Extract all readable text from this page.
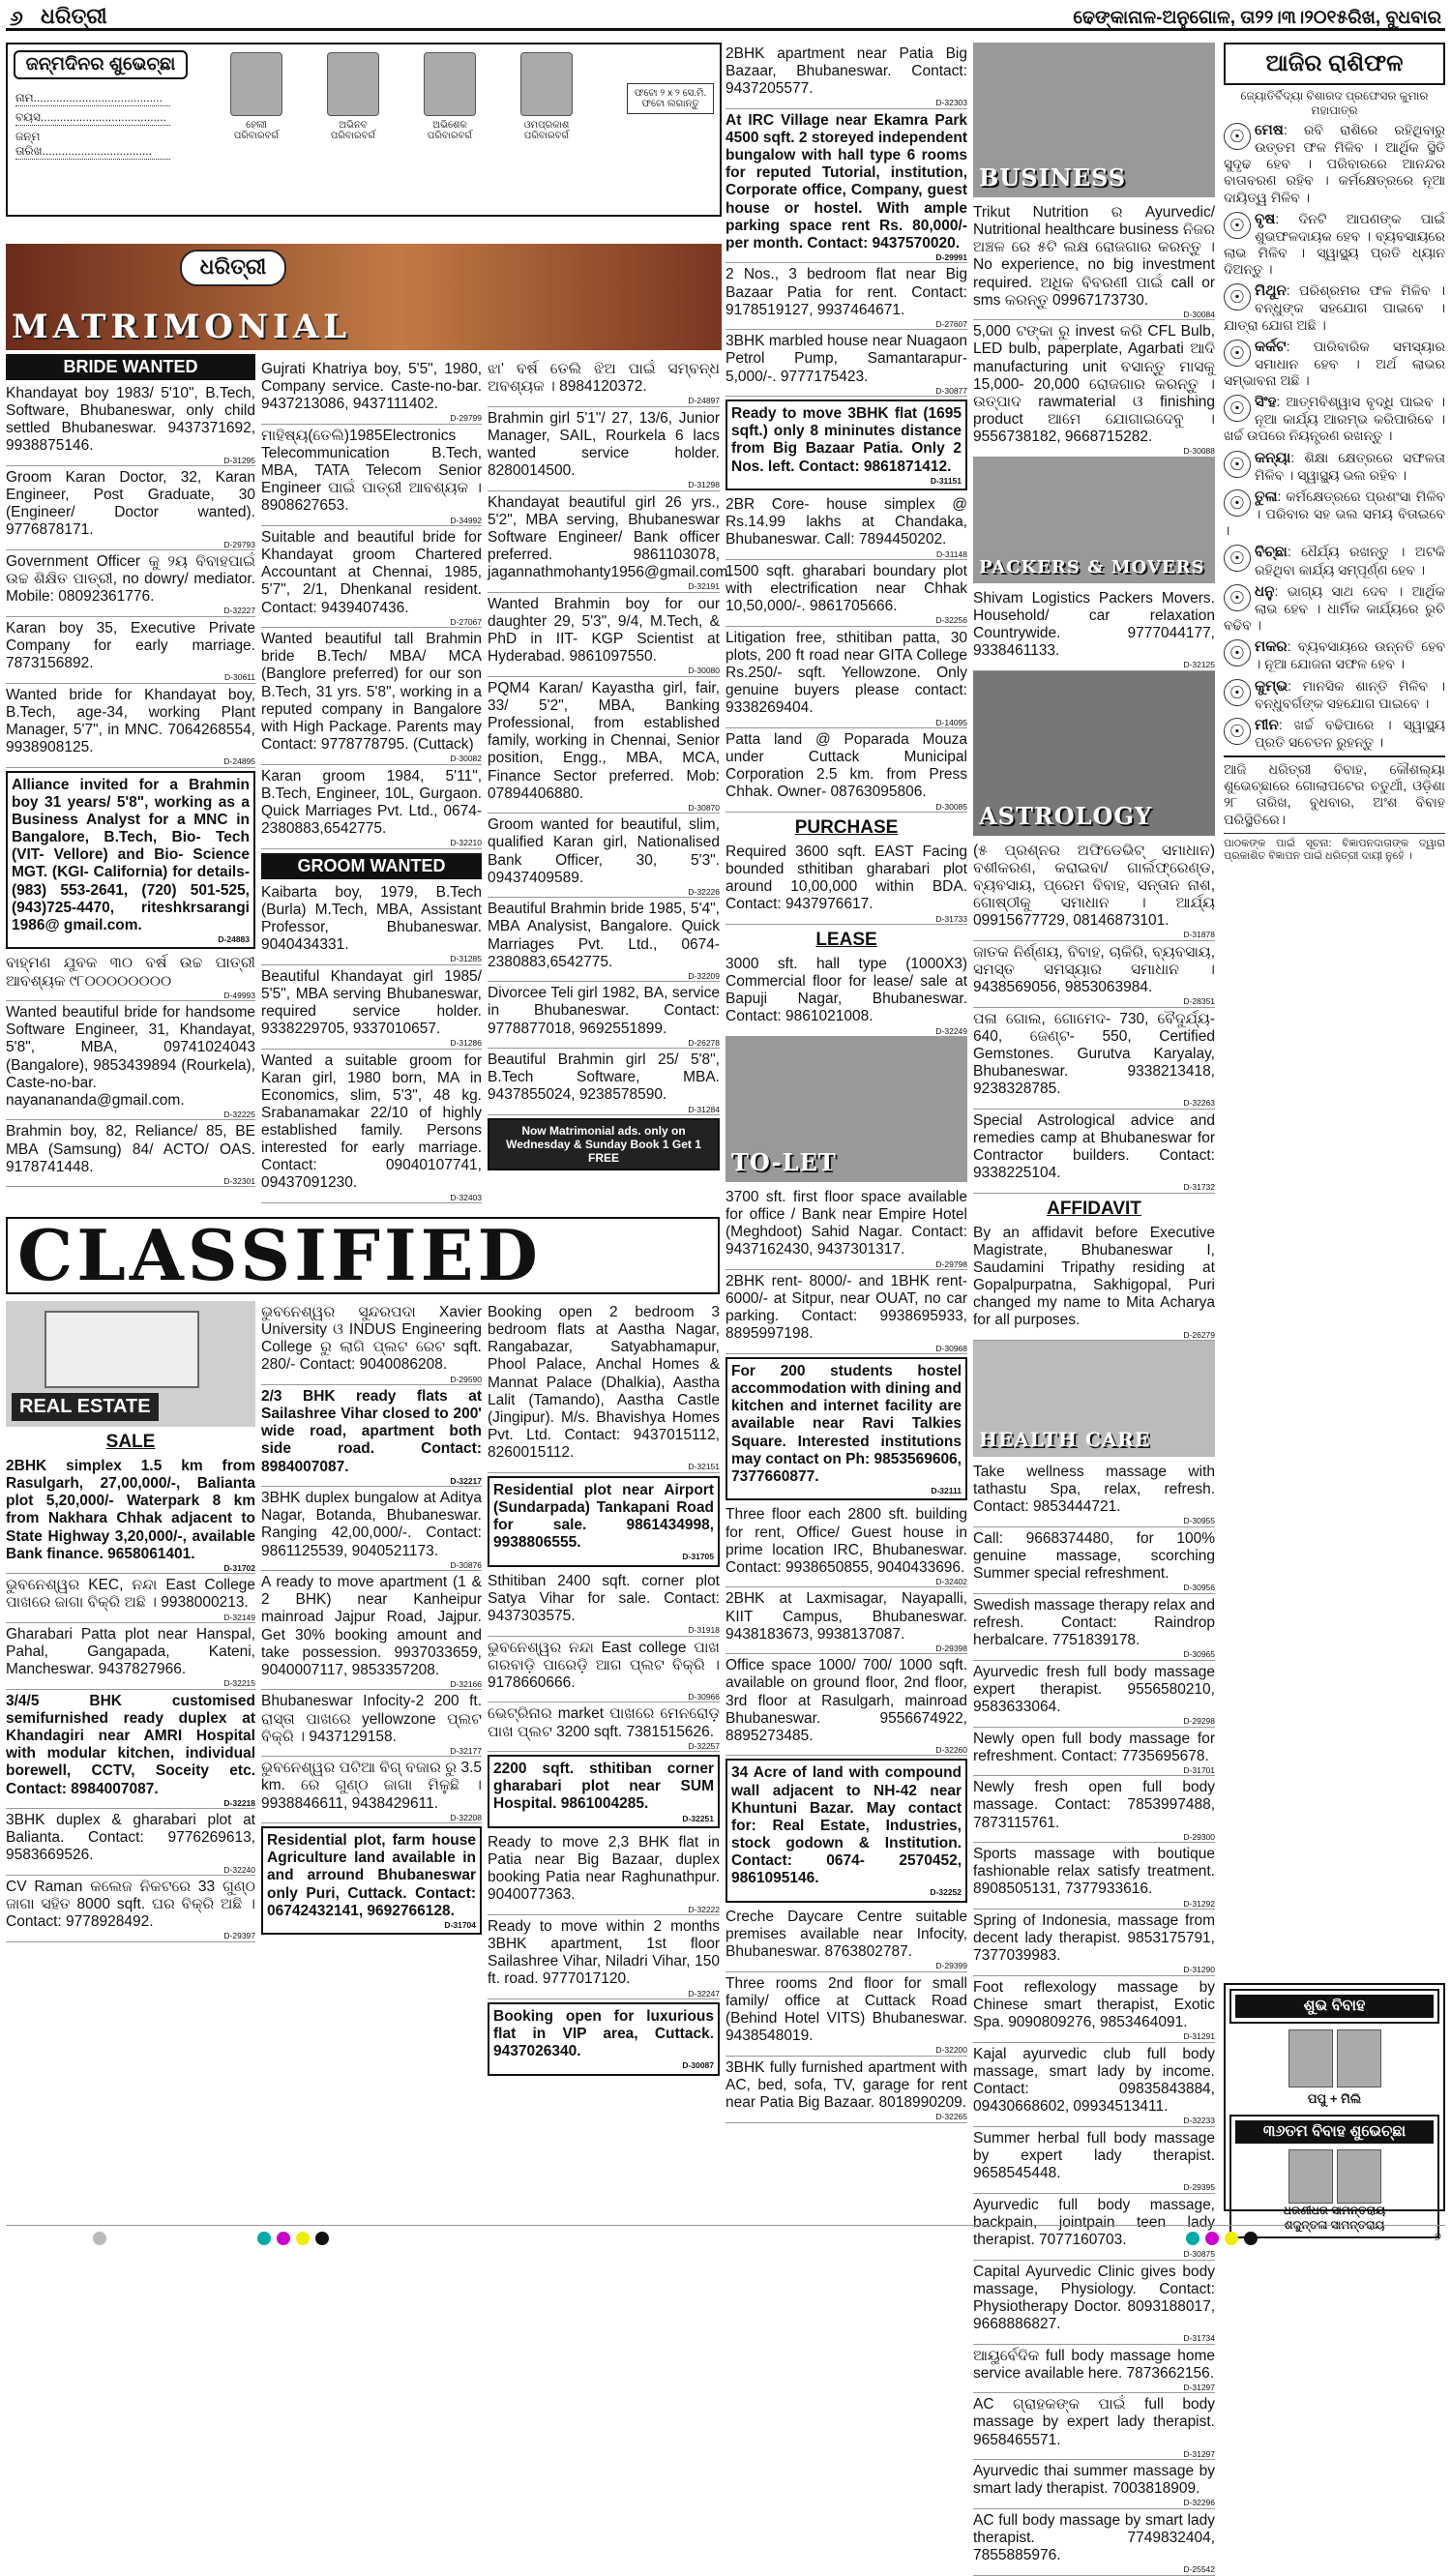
୬ ଧରିତ୍ରୀ	ଢେଙ୍କାନାଳ-ଅନୁଗୋଳ, ତା୨୨।୩।୨୦୧୫ରିଖ, ବୁଧବାର
ଜନ୍ମଦିନର ଶୁଭେଚ୍ଛା
ନାମ........................................
ବୟସ.......................................
ଜନ୍ମ ତାରିଖ..................................
ହେଲୀ ପରିବାରବର୍ଗ
ଅଭିନବ ପରିବାରବର୍ଗ
ଅଭିଶେକ ପରିବାରବର୍ଗ
ଓମପ୍ରକାଶ ପରିବାରବର୍ଗ
ଫଟୋ ୨ x ୨ ସେ.ମି. ଫଟୋ ଲଗାନ୍ତୁ
ଧରିତ୍ରୀ
MATRIMONIAL
BRIDE WANTED
Khandayat boy 1983/ 5'10", B.Tech, Software, Bhubaneswar, only child settled Bhubaneswar. 9437371692, 9938875146.
D-31295
Groom Karan Doctor, 32, Karan Engineer, Post Graduate, 30 (Engineer/ Doctor wanted). 9776878171.
D-29793
Government Officer କୁ ୨ୟ ବିବାହପାଇଁ ଉଚ୍ଚ ଶିକ୍ଷିତ ପାତ୍ରୀ, no dowry/ mediator. Mobile: 08092361776.
D-32227
Karan boy 35, Executive Private Company for early marriage. 7873156892.
D-30611
Wanted bride for Khandayat boy, B.Tech, age-34, working Plant Manager, 5'7", in MNC. 7064268554, 9938908125.
D-24895
Alliance invited for a Brahmin boy 31 years/ 5'8", working as a Business Analyst for a MNC in Bangalore, B.Tech, Bio- Tech (VIT- Vellore) and Bio- Science MGT. (KGI- California) for details- (983) 553-2641, (720) 501-525, (943)725-4470, riteshkrsarangi 1986@ gmail.com.
D-24883
ବାହ୍ମଣ ଯୁବକ ୩୦ ବର୍ଷ ଉଚ୍ଚ ପାତ୍ରୀ ଆବଶ୍ୟକ ୯୮୦୦୦୦୦୦୦୦
D-49993
Wanted beautiful bride for handsome Software Engineer, 31, Khandayat, 5'8", MBA, 09741024043 (Bangalore), 9853439894 (Rourkela), Caste-no-bar. nayanananda@gmail.com.
D-32225
Brahmin boy, 82, Reliance/ 85, BE MBA (Samsung) 84/ ACTO/ OAS. 9178741448.
D-32301
Gujrati Khatriya boy, 5'5", 1980, Company service. Caste-no-bar. 9437213086, 9437111402.
D-29799
ମାହିଷ୍ୟ(ତେଲି)1985Electronics Telecommunication B.Tech, MBA, TATA Telecom Senior Engineer ପାଇଁ ପାତ୍ରୀ ଆବଶ୍ୟକ । 8908627653.
D-34992
Suitable and beautiful bride for Khandayat groom Chartered Accountant at Chennai, 1985, 5'7", 2/1, Dhenkanal resident. Contact: 9439407436.
D-27067
Wanted beautiful tall Brahmin bride B.Tech/ MBA/ MCA (Banglore preferred) for our son B.Tech, 31 yrs. 5'8", working in a reputed company in Bangalore with High Package. Parents may Contact: 9778778795. (Cuttack)
D-30082
Karan groom 1984, 5'11", B.Tech, Engineer, 10L, Gurgaon. Quick Marriages Pvt. Ltd., 0674-2380883,6542775.
D-32210
GROOM WANTED
Kaibarta boy, 1979, B.Tech (Burla) M.Tech, MBA, Assistant Professor, Bhubaneswar. 9040434331.
D-31285
Beautiful Khandayat girl 1985/ 5'5", MBA serving Bhubaneswar, required service holder. 9338229705, 9337010657.
D-31286
Wanted a suitable groom for Karan girl, 1980 born, MA in Economics, slim, 5'3", 48 kg. Srabanamakar 22/10 of highly established family. Persons interested for early marriage. Contact: 09040107741, 09437091230.
D-32403
ଝା' ବର୍ଷ ତେଲି ଝିଅ ପାଇଁ ସମ୍ବନ୍ଧ ଅବଶ୍ୟକ । 8984120372.
D-24897
Brahmin girl 5'1"/ 27, 13/6, Junior Manager, SAIL, Rourkela 6 lacs wanted service holder. 8280014500.
D-31298
Khandayat beautiful girl 26 yrs., 5'2", MBA serving, Bhubaneswar Software Engineer/ Bank officer preferred. 9861103078, jagannathmohanty1956@gmail.com.
D-32191
Wanted Brahmin boy for our daughter 29, 5'3", 9/4, M.Tech, & PhD in IIT- KGP Scientist at Hyderabad. 9861097550.
D-30080
PQM4 Karan/ Kayastha girl, fair, 33/ 5'2", MBA, Banking Professional, from established family, working in Chennai, Senior position, Engg., MBA, MCA, Finance Sector preferred. Mob: 07894406880.
D-30870
Groom wanted for beautiful, slim, qualified Karan girl, Nationalised Bank Officer, 30, 5'3". 09437409589.
D-32226
Beautiful Brahmin bride 1985, 5'4", MBA Analysist, Bangalore. Quick Marriages Pvt. Ltd., 0674-2380883,6542775.
D-32209
Divorcee Teli girl 1982, BA, service in Bhubaneswar. Contact: 9778877018, 9692551899.
D-26278
Beautiful Brahmin girl 25/ 5'8", B.Tech Software, MBA. 9437855024, 9238578590.
D-31284
Now Matrimonial ads. only on Wednesday & Sunday Book 1 Get 1 FREE
CLASSIFIED
REAL ESTATE
SALE
2BHK simplex 1.5 km from Rasulgarh, 27,00,000/-, Balianta plot 5,20,000/- Waterpark 8 km from Nakhara Chhak adjacent to State Highway 3,20,000/-, available Bank finance. 9658061401.
D-31702
ଭୁବନେଶ୍ୱର KEC, ନନ୍ଦା East College ପାଖରେ ଜାଗା ବିକ୍ରି ଅଛି । 9938000213.
D-32149
Gharabari Patta plot near Hanspal, Pahal, Gangapada, Kateni, Mancheswar. 9437827966.
D-32215
3/4/5 BHK customised semifurnished ready duplex at Khandagiri near AMRI Hospital with modular kitchen, individual borewell, CCTV, Soceity etc. Contact: 8984007087.
D-32218
3BHK duplex & gharabari plot at Balianta. Contact: 9776269613, 9583669526.
D-32240
CV Raman କଲେଜ ନିକଟରେ 33 ଗୁଣ୍ଠ ଜାଗା ସହିତ 8000 sqft. ଘର ବିକ୍ରି ଅଛି । Contact: 9778928492.
D-29397
ଭୁବନେଶ୍ୱର ସୁନ୍ଦରପଦା Xavier University ଓ INDUS Engineering College ରୁ ଲାଗି ପ୍ଲଟ ରେଟ sqft. 280/- Contact: 9040086208.
D-29590
2/3 BHK ready flats at Sailashree Vihar closed to 200' wide road, apartment both side road. Contact: 8984007087.
D-32217
3BHK duplex bungalow at Aditya Nagar, Botanda, Bhubaneswar. Ranging 42,00,000/-. Contact: 9861125539, 9040521173.
D-30876
A ready to move apartment (1 & 2 BHK) near Kanheipur mainroad Jajpur Road, Jajpur. Get 30% booking amount and take possession. 9937033659, 9040007117, 9853357208.
D-32166
Bhubaneswar Infocity-2 200 ft. ରାସ୍ତା ପାଖରେ yellowzone ପ୍ଲଟ ବିକ୍ରି । 9437129158.
D-32177
ଭୁବନେଶ୍ୱର ପଟିଆ ବିଗ୍ ବଜାର ରୁ 3.5 km. ରେ ଗୁଣ୍ଠ ଜାଗା ମିଳୁଛି । 9938846611, 9438429611.
D-32208
Residential plot, farm house Agriculture land available in and arround Bhubaneswar only Puri, Cuttack. Contact: 06742432141, 9692766128.
D-31704
Booking open 2 bedroom 3 bedroom flats at Aastha Nagar, Rangabazar, Satyabhamapur, Phool Palace, Anchal Homes & Mannat Palace (Dhalkia), Aastha Lalit (Tamando), Aastha Castle (Jingipur). M/s. Bhavishya Homes Pvt. Ltd. Contact: 9437015112, 8260015112.
D-32151
Residential plot near Airport (Sundarpada) Tankapani Road for sale. 9861434998, 9938806555.
D-31705
Sthitiban 2400 sqft. corner plot Satya Vihar for sale. Contact: 9437303575.
D-31918
ଭୁବନେଶ୍ୱର ନନ୍ଦା East college ପାଖ ଗରବାଡ଼ି ପାରେଡ଼ି ଆଗ ପ୍ଲଟ ବିକ୍ରି । 9178660666.
D-30966
ଭେଟ୍ରିନାର market ପାଖରେ ମେନରୋଡ଼ ପାଖ ପ୍ଲଟ 3200 sqft. 7381515626.
D-32257
2200 sqft. sthitiban corner gharabari plot near SUM Hospital. 9861004285.
D-32251
Ready to move 2,3 BHK flat in Patia near Big Bazaar, duplex booking Patia near Raghunathpur. 9040077363.
D-32222
Ready to move within 2 months 3BHK apartment, 1st floor Sailashree Vihar, Niladri Vihar, 150 ft. road. 9777017120.
D-32247
Booking open for luxurious flat in VIP area, Cuttack. 9437026340.
D-30087
2BHK apartment near Patia Big Bazaar, Bhubaneswar. Contact: 9437205577.
D-32303
At IRC Village near Ekamra Park 4500 sqft. 2 storeyed independent bungalow with hall type 6 rooms for reputed Tutorial, institution, Corporate office, Company, guest house or hostel. With ample parking space rent Rs. 80,000/- per month. Contact: 9437570020.
D-29991
2 Nos., 3 bedroom flat near Big Bazaar Patia for rent. Contact: 9178519127, 9937464671.
D-27607
3BHK marbled house near Nuagaon Petrol Pump, Samantarapur- 5,000/-. 9777175423.
D-30877
Ready to move 3BHK flat (1695 sqft.) only 8 mininutes distance from Big Bazaar Patia. Only 2 Nos. left. Contact: 9861871412.
D-31151
2BR Core- house simplex @ Rs.14.99 lakhs at Chandaka, Bhubaneswar. Call: 7894450202.
D-31148
1500 sqft. gharabari boundary plot with electrification near Chhak 10,50,000/-. 9861705666.
D-32256
Litigation free, sthitiban patta, 30 plots, 200 ft road near GITA College Rs.250/- sqft. Yellowzone. Only genuine buyers please contact: 9338269404.
D-14095
Patta land @ Poparada Mouza under Cuttack Municipal Corporation 2.5 km. from Press Chhak. Owner- 08763095806.
D-30085
PURCHASE
Required 3600 sqft. EAST Facing bounded sthitiban gharabari plot around 10,00,000 within BDA. Contact: 9437976617.
D-31733
LEASE
3000 sft. hall type (1000X3) Commercial floor for lease/ sale at Bapuji Nagar, Bhubaneswar. Contact: 9861021008.
D-32249
TO-LET
3700 sft. first floor space available for office / Bank near Empire Hotel (Meghdoot) Sahid Nagar. Contact: 9437162430, 9437301317.
D-29798
2BHK rent- 8000/- and 1BHK rent- 6000/- at Sitpur, near OUAT, no car parking. Contact: 9938695933, 8895997198.
D-30968
For 200 students hostel accommodation with dining and kitchen and internet facility are available near Ravi Talkies Square. Interested institutions may contact on Ph: 9853569606, 7377660877.
D-32111
Three floor each 2800 sft. building for rent, Office/ Guest house in prime location IRC, Bhubaneswar. Contact: 9938650855, 9040433696.
D-32402
2BHK at Laxmisagar, Nayapalli, KIIT Campus, Bhubaneswar. 9438183673, 9938137087.
D-29398
Office space 1000/ 700/ 1000 sqft. available on ground floor, 2nd floor, 3rd floor at Rasulgarh, mainroad Bhubaneswar. 9556674922, 8895273485.
D-32260
34 Acre of land with compound wall adjacent to NH-42 near Khuntuni Bazar. May contact for: Real Estate, Industries, stock godown & Institution. Contact: 0674- 2570452, 9861095146.
D-32252
Creche Daycare Centre suitable premises available near Infocity, Bhubaneswar. 8763802787.
D-29399
Three rooms 2nd floor for small family/ office at Cuttack Road (Behind Hotel VITS) Bhubaneswar. 9438548019.
D-32200
3BHK fully furnished apartment with AC, bed, sofa, TV, garage for rent near Patia Big Bazaar. 8018990209.
D-32265
BUSINESS
Trikut Nutrition ର Ayurvedic/ Nutritional healthcare business ନିଜର ଅଞ୍ଚଳ ରେ ୫ଟି ଲକ୍ଷ ରୋଜଗାର କରନ୍ତୁ । No experience, no big investment required. ଅଧିକ ବିବରଣୀ ପାଇଁ call or sms କରନ୍ତୁ 09967173730.
D-30084
5,000 ଟଙ୍କା ରୁ invest କରି CFL Bulb, LED bulb, paperplate, Agarbati ଆଦି manufacturing unit ବସାନ୍ତୁ ମାସକୁ 15,000- 20,000 ରୋଜଗାର କରନ୍ତୁ । ଉତ୍ପାଦ rawmaterial ଓ finishing product ଆମେ ଯୋଗାଇଦେବୁ । 9556738182, 9668715282.
D-30088
PACKERS & MOVERS
Shivam Logistics Packers Movers. Household/ car relaxation Countrywide. 9777044177, 9338461133.
D-32125
ASTROLOGY
(୫ ପ୍ରଶ୍ନର ଅଫିଡେଭିଟ୍ ସମାଧାନ) ବଶୀକରଣ, କରାଇବା/ ଗାର୍ଲଫ୍ରେଣ୍ଡ, ବ୍ୟବସାୟ, ପ୍ରେମ ବିବାହ, ସନ୍ତାନ ନାଶ, ଗୋଷ୍ଠୀକୁ ସମାଧାନ । ଆର୍ଯ୍ୟ 09915677729, 08146873101.
D-31878
ଜାତକ ନିର୍ଣ୍ଣୟ, ବିବାହ, ଚାକିରି, ବ୍ୟବସାୟ, ସମସ୍ତ ସମସ୍ୟାର ସମାଧାନ । 9438569056, 9853063984.
D-28351
ପଳା ଗୋଲ, ଗୋମେଦ- 730, ବୈଦୁର୍ଯ୍ୟ- 640, ଜେଣ୍ଟ- 550, Certified Gemstones. Gurutva Karyalay, Bhubaneswar. 9338213418, 9238328785.
D-32263
Special Astrological advice and remedies camp at Bhubaneswar for Contractor builders. Contact: 9338225104.
D-31732
AFFIDAVIT
By an affidavit before Executive Magistrate, Bhubaneswar I, Saudamini Tripathy residing at Gopalpurpatna, Sakhigopal, Puri changed my name to Mita Acharya for all purposes.
D-26279
HEALTH CARE
Take wellness massage with tathastu Spa, relax, refresh. Contact: 9853444721.
D-30955
Call: 9668374480, for 100% genuine massage, scorching Summer special refreshment.
D-30956
Swedish massage therapy relax and refresh. Contact: Raindrop herbalcare. 7751839178.
D-30965
Ayurvedic fresh full body massage expert therapist. 9556580210, 9583633064.
D-29298
Newly open full body massage for refreshment. Contact: 7735695678.
D-31701
Newly fresh open full body massage. Contact: 7853997488, 7873115761.
D-29300
Sports massage with boutique fashionable relax satisfy treatment. 8908505131, 7377933616.
D-31292
Spring of Indonesia, massage from decent lady therapist. 9853175791, 7377039983.
D-31290
Foot reflexology massage by Chinese smart therapist, Exotic Spa. 9090809276, 9853464091.
D-31291
Kajal ayurvedic club full body massage, smart lady by income. Contact: 09835843884, 09430668602, 09934513411.
D-32233
Summer herbal full body massage by expert lady therapist. 9658545448.
D-29395
Ayurvedic full body massage, backpain, jointpain teen lady therapist. 7077160703.
D-30875
Capital Ayurvedic Clinic gives body massage, Physiology. Contact: Physiotherapy Doctor. 8093188017, 9668886827.
D-31734
ଆୟୁର୍ବେଦିକ full body massage home service available here. 7873662156.
D-31297
AC ଗ୍ରାହକଙ୍କ ପାଇଁ full body massage by expert lady therapist. 9658465571.
D-31297
Ayurvedic thai summer massage by smart lady therapist. 7003818909.
D-32296
AC full body massage by smart lady therapist. 7749832404, 7855885976.
D-25542
ଆଜିର ରାଶିଫଳ
ଜ୍ୟୋତିର୍ବିଦ୍ୟା ବିଶାରଦ ପ୍ରଫେସର କୁମାର ମହାପାତ୍ର
☉ ମେଷ: ରବି ରାଶିରେ ରହିଥିବାରୁ ଉତ୍ତମ ଫଳ ମିଳିବ । ଆର୍ଥିକ ସ୍ଥିତି ସୁଦୃଢ ହେବ । ପରିବାରରେ ଆନନ୍ଦର ବାତାବରଣ ରହିବ । କର୍ମକ୍ଷେତ୍ରରେ ନୂଆ ଦାୟିତ୍ୱ ମିଳିବ ।
☉ ବୃଷ: ଦିନଟି ଆପଣଙ୍କ ପାଇଁ ଶୁଭଫଳଦାୟକ ହେବ । ବ୍ୟବସାୟରେ ଲାଭ ମିଳିବ । ସ୍ୱାସ୍ଥ୍ୟ ପ୍ରତି ଧ୍ୟାନ ଦିଅନ୍ତୁ ।
☉ ମିଥୁନ: ପରିଶ୍ରମର ଫଳ ମିଳିବ । ବନ୍ଧୁଙ୍କ ସହଯୋଗ ପାଇବେ । ଯାତ୍ରା ଯୋଗ ଅଛି ।
☉ କର୍କଟ: ପାରିବାରିକ ସମସ୍ୟାର ସମାଧାନ ହେବ । ଅର୍ଥ ଲାଭର ସମ୍ଭାବନା ଅଛି ।
☉ ସିଂହ: ଆତ୍ମବିଶ୍ୱାସ ବୃଦ୍ଧି ପାଇବ । ନୂଆ କାର୍ଯ୍ୟ ଆରମ୍ଭ କରିପାରିବେ । ଖର୍ଚ୍ଚ ଉପରେ ନିୟନ୍ତ୍ରଣ ରଖନ୍ତୁ ।
☉ କନ୍ୟା: ଶିକ୍ଷା କ୍ଷେତ୍ରରେ ସଫଳତା ମିଳିବ । ସ୍ୱାସ୍ଥ୍ୟ ଭଲ ରହିବ ।
☉ ତୁଳା: କର୍ମକ୍ଷେତ୍ରରେ ପ୍ରଶଂସା ମିଳିବ । ପରିବାର ସହ ଭଲ ସମୟ ବିତାଇବେ ।
☉ ବିଚ୍ଛା: ଧୈର୍ଯ୍ୟ ରଖନ୍ତୁ । ଅଟକି ରହିଥିବା କାର୍ଯ୍ୟ ସମ୍ପୂର୍ଣ୍ଣ ହେବ ।
☉ ଧନୁ: ଭାଗ୍ୟ ସାଥ ଦେବ । ଆର୍ଥିକ ଲାଭ ହେବ । ଧାର୍ମିକ କାର୍ଯ୍ୟରେ ରୁଚି ବଢିବ ।
☉ ମକର: ବ୍ୟବସାୟରେ ଉନ୍ନତି ହେବ । ନୂଆ ଯୋଜନା ସଫଳ ହେବ ।
☉ କୁମ୍ଭ: ମାନସିକ ଶାନ୍ତି ମିଳିବ । ବନ୍ଧୁବର୍ଗଙ୍କ ସହଯୋଗ ପାଇବେ ।
☉ ମୀନ: ଖର୍ଚ୍ଚ ବଢିପାରେ । ସ୍ୱାସ୍ଥ୍ୟ ପ୍ରତି ସଚେତନ ରୁହନ୍ତୁ ।
ଆଜି ଧରିତ୍ରୀ ବିବାହ, କୌଶଲ୍ୟା ଶୁଭେଚ୍ଛାରେ ଗୋଲାପଟେର ଚତୁର୍ଥୀ, ଓଡ଼ିଶା ୨୮ ତାରିଖ, ବୁଧବାର, ଅଂଶ ବିବାହ ପରିସ୍ଥିତିରେ।
ପାଠକଙ୍କ ପାଇଁ ସୂଚନା: ବିଜ୍ଞାପନଦାତାଙ୍କ ଦ୍ୱାରା ପ୍ରକାଶିତ ବିଜ୍ଞାପନ ପାଇଁ ଧରିତ୍ରୀ ଦାୟୀ ନୁହେଁ ।
ଶୁଭ ବିବାହ
ପପୁ + ମିଲି
୩୬ତମ ବିବାହ ଶୁଭେଚ୍ଛା
ଧରଣୀଧର ସାମନ୍ତରାୟ
ଶକୁନ୍ତଳା ସାମନ୍ତରାୟ
୭
